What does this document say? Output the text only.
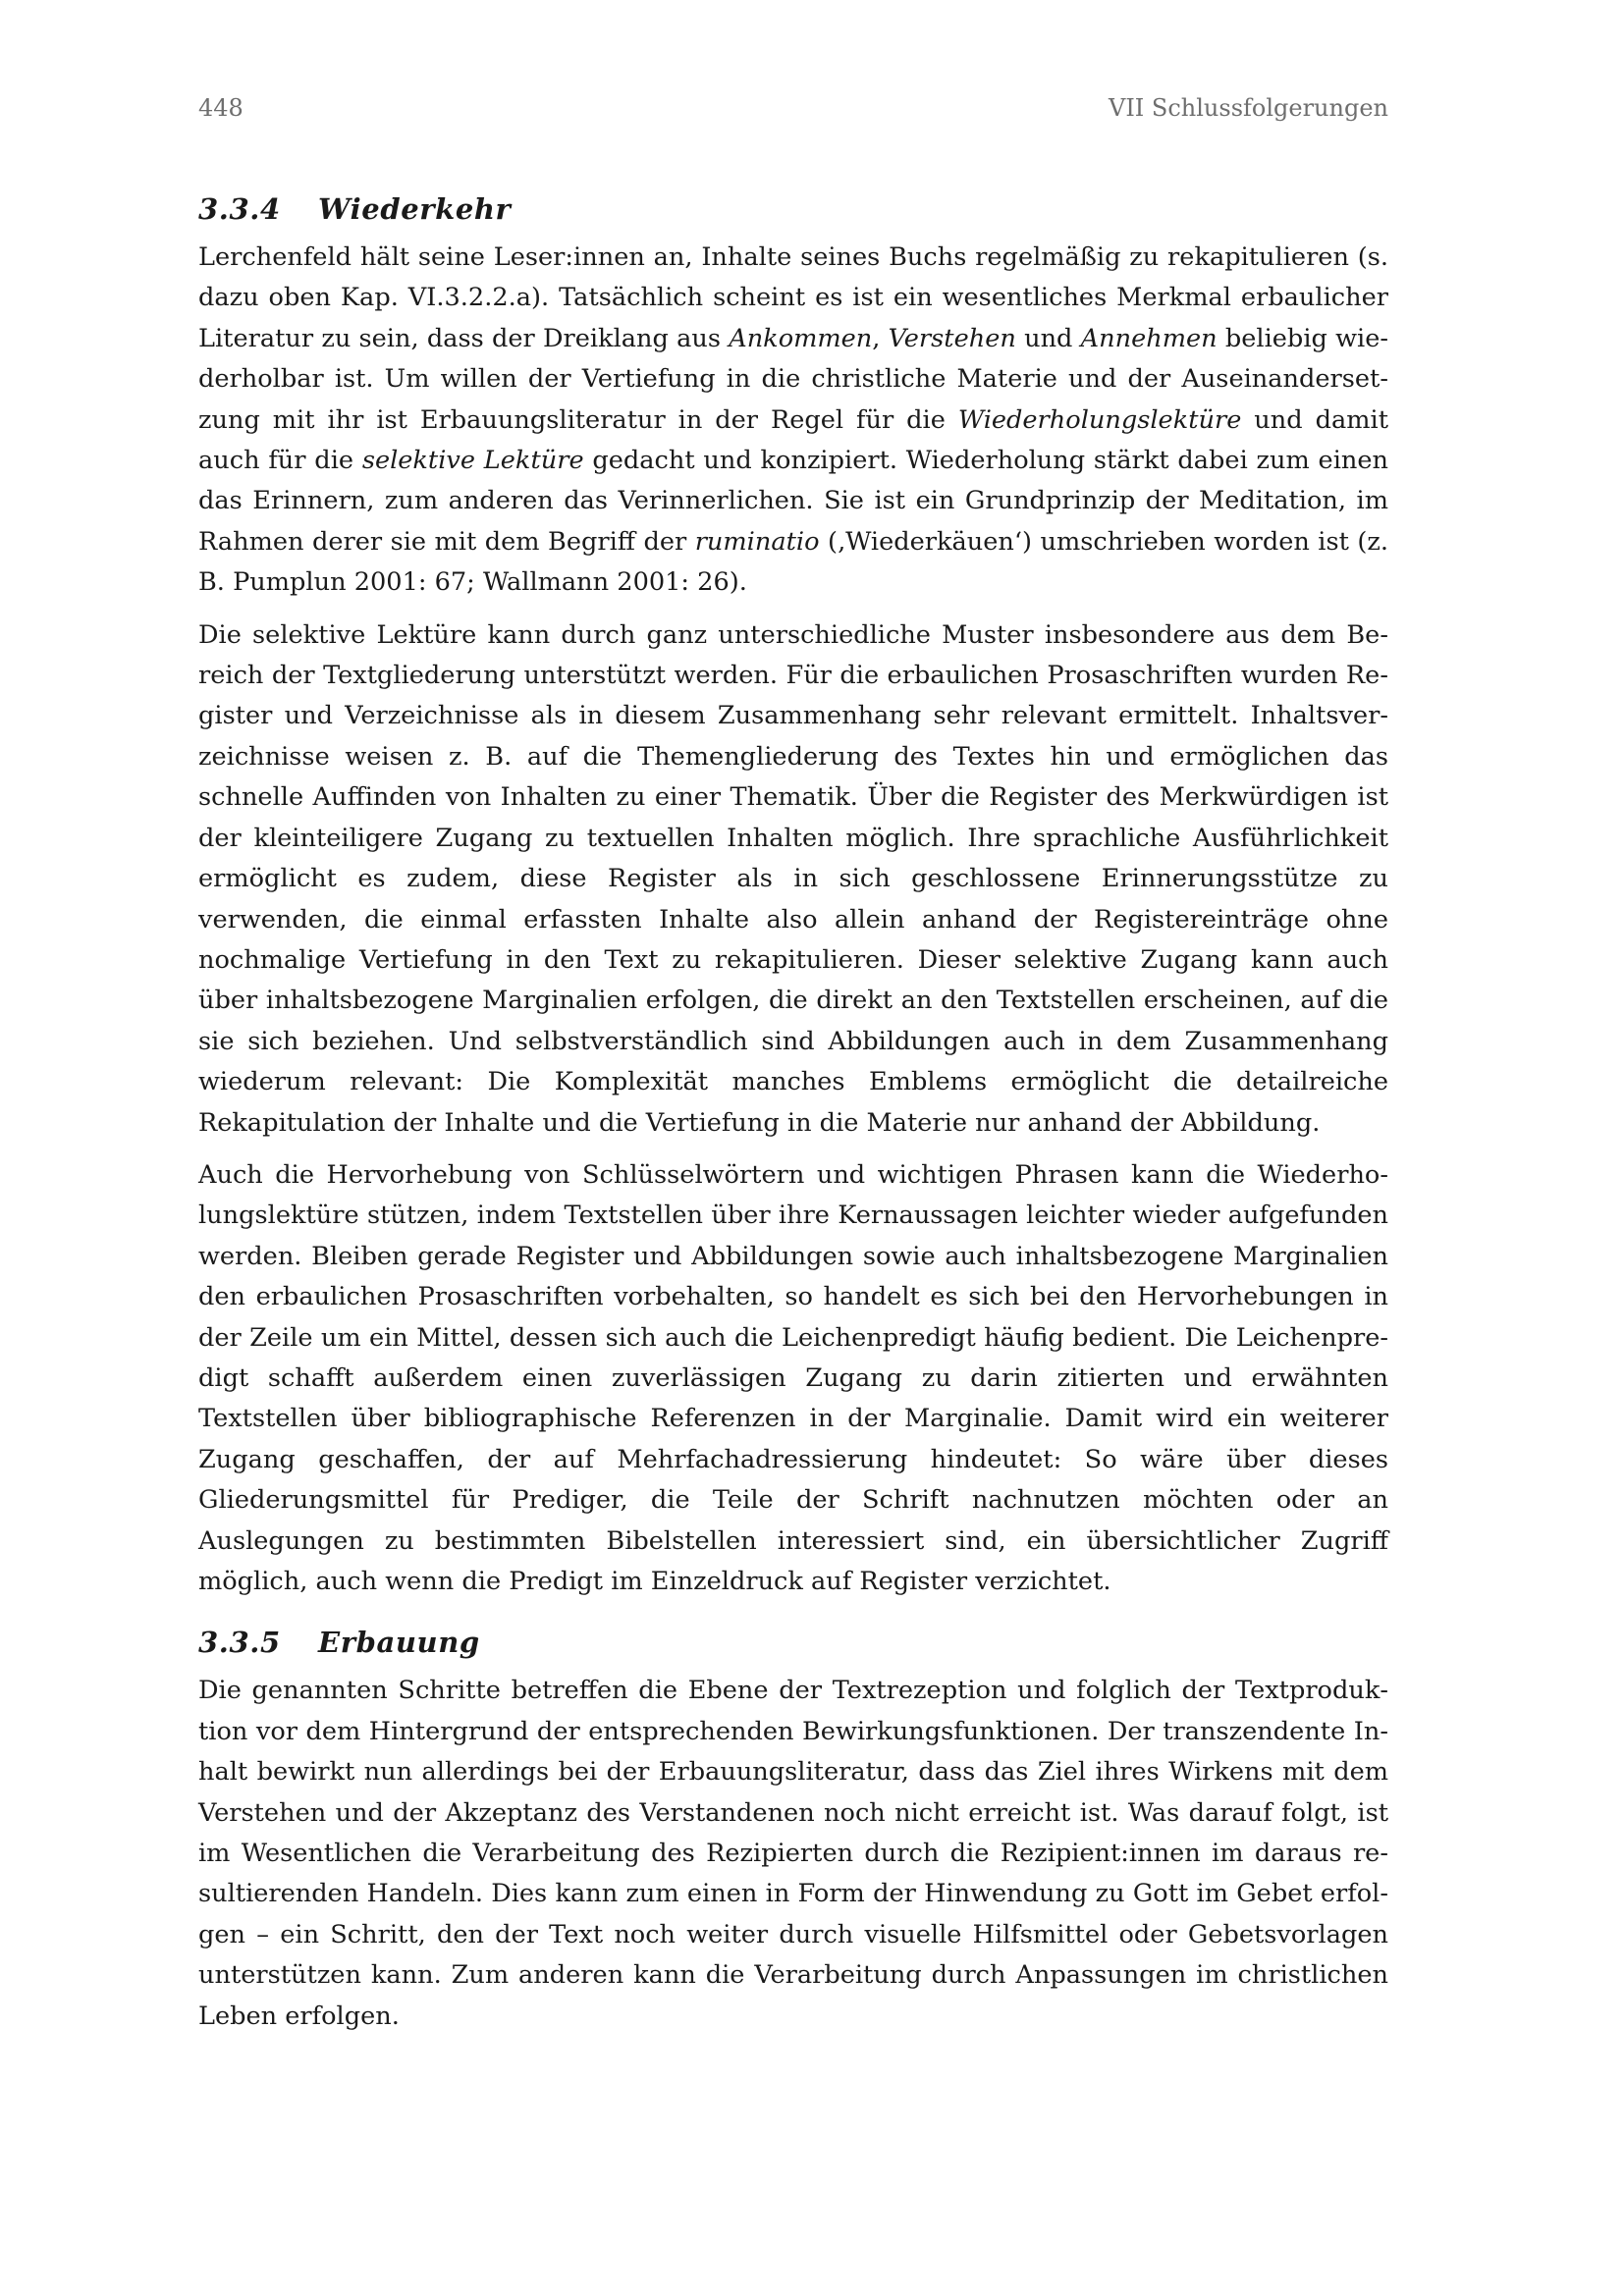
448	VII Schlussfolgerungen
3.3.4	Wiederkehr

Lerchenfeld hält seine Leser:innen an, Inhalte seines Buchs regelmäßig zu rekapitulieren (s. dazu oben Kap. VI.3.2.2.a). Tatsächlich scheint es ist ein wesentliches Merkmal erbaulicher Literatur zu sein, dass der Dreiklang aus Ankommen, Verstehen und Annehmen beliebig wiederholbar ist. Um willen der Vertiefung in die christliche Materie und der Auseinandersetzung mit ihr ist Erbauungsliteratur in der Regel für die Wiederholungslektüre und damit auch für die selektive Lektüre gedacht und konzipiert. Wiederholung stärkt dabei zum einen das Erinnern, zum anderen das Verinnerlichen. Sie ist ein Grundprinzip der Meditation, im Rahmen derer sie mit dem Begriff der ruminatio (‚Wiederkäuen‘) umschrieben worden ist (z. B. Pumplun 2001: 67; Wallmann 2001: 26).

Die selektive Lektüre kann durch ganz unterschiedliche Muster insbesondere aus dem Bereich der Textgliederung unterstützt werden. Für die erbaulichen Prosaschriften wurden Register und Verzeichnisse als in diesem Zusammenhang sehr relevant ermittelt. Inhaltsverzeichnisse weisen z. B. auf die Themengliederung des Textes hin und ermöglichen das schnelle Auffinden von Inhalten zu einer Thematik. Über die Register des Merkwürdigen ist der kleinteiligere Zugang zu textuellen Inhalten möglich. Ihre sprachliche Ausführlichkeit ermöglicht es zudem, diese Register als in sich geschlossene Erinnerungsstütze zu verwenden, die einmal erfassten Inhalte also allein anhand der Registereinträge ohne nochmalige Vertiefung in den Text zu rekapitulieren. Dieser selektive Zugang kann auch über inhaltsbezogene Marginalien erfolgen, die direkt an den Textstellen erscheinen, auf die sie sich beziehen. Und selbstverständlich sind Abbildungen auch in dem Zusammenhang wiederum relevant: Die Komplexität manches Emblems ermöglicht die detailreiche Rekapitulation der Inhalte und die Vertiefung in die Materie nur anhand der Abbildung.

Auch die Hervorhebung von Schlüsselwörtern und wichtigen Phrasen kann die Wiederholungslektüre stützen, indem Textstellen über ihre Kernaussagen leichter wieder aufgefunden werden. Bleiben gerade Register und Abbildungen sowie auch inhaltsbezogene Marginalien den erbaulichen Prosaschriften vorbehalten, so handelt es sich bei den Hervorhebungen in der Zeile um ein Mittel, dessen sich auch die Leichenpredigt häufig bedient. Die Leichenpredigt schafft außerdem einen zuverlässigen Zugang zu darin zitierten und erwähnten Textstellen über bibliographische Referenzen in der Marginalie. Damit wird ein weiterer Zugang geschaffen, der auf Mehrfachadressierung hindeutet: So wäre über dieses Gliederungsmittel für Prediger, die Teile der Schrift nachnutzen möchten oder an Auslegungen zu bestimmten Bibelstellen interessiert sind, ein übersichtlicher Zugriff möglich, auch wenn die Predigt im Einzeldruck auf Register verzichtet.

3.3.5	Erbauung

Die genannten Schritte betreffen die Ebene der Textrezeption und folglich der Textproduktion vor dem Hintergrund der entsprechenden Bewirkungsfunktionen. Der transzendente Inhalt bewirkt nun allerdings bei der Erbauungsliteratur, dass das Ziel ihres Wirkens mit dem Verstehen und der Akzeptanz des Verstandenen noch nicht erreicht ist. Was darauf folgt, ist im Wesentlichen die Verarbeitung des Rezipierten durch die Rezipient:innen im daraus resultierenden Handeln. Dies kann zum einen in Form der Hinwendung zu Gott im Gebet erfolgen – ein Schritt, den der Text noch weiter durch visuelle Hilfsmittel oder Gebetsvorlagen unterstützen kann. Zum anderen kann die Verarbeitung durch Anpassungen im christlichen Leben erfolgen.
